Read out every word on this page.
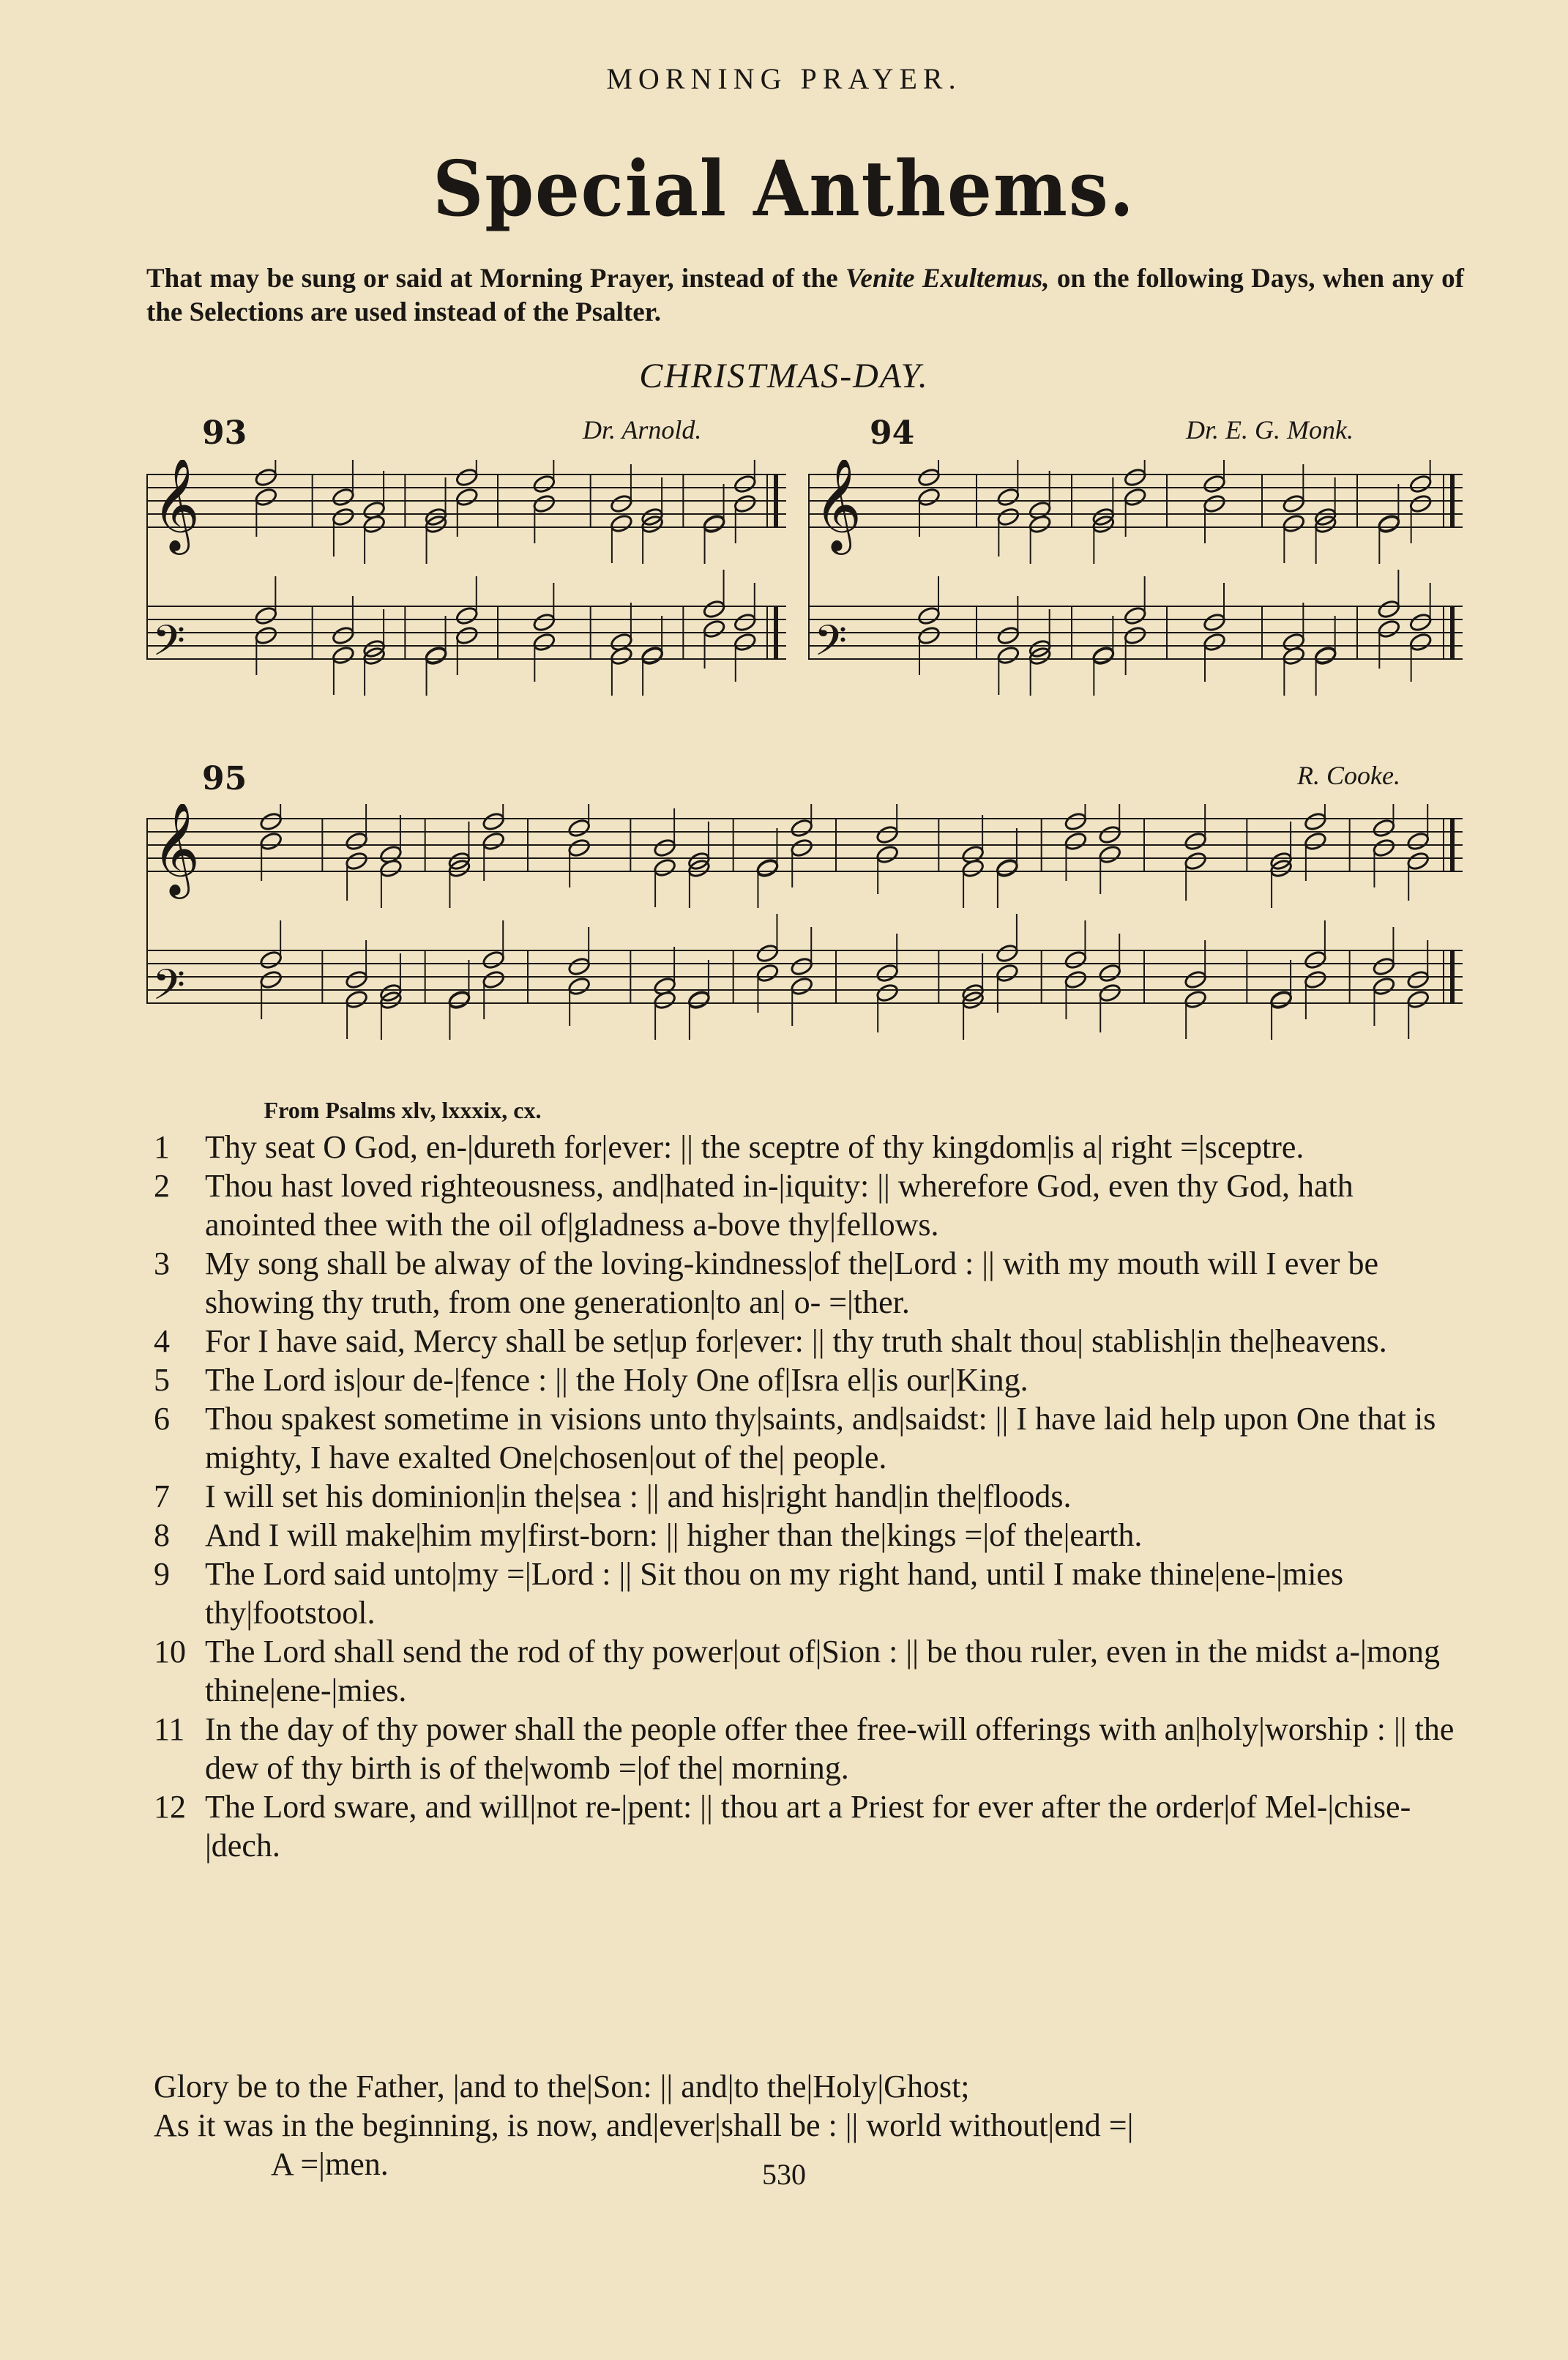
MORNING PRAYER.
Special Anthems.
That may be sung or said at Morning Prayer, instead of the Venite Exultemus, on the following Days, when any of the Selections are used instead of the Psalter.
CHRISTMAS-DAY.
93	Dr. Arnold.	94	Dr. E. G. Monk.
95	R. Cooke.
𝄞
𝄢
𝄞
𝄢
𝄞
𝄢
From Psalms xlv, lxxxix, cx.
1	Thy seat O God, en-|dureth for|ever: || the sceptre of thy kingdom|is a| right =|sceptre.
2	Thou hast loved righteousness, and|hated in-|iquity: || wherefore God, even thy God, hath anointed thee with the oil of|gladness a-bove thy|fellows.
3	My song shall be alway of the loving-kindness|of the|Lord : || with my mouth will I ever be showing thy truth, from one generation|to an| o- =|ther.
4	For I have said, Mercy shall be set|up for|ever: || thy truth shalt thou| stablish|in the|heavens.
5	The Lord is|our de-|fence : || the Holy One of|Isra el|is our|King.
6	Thou spakest sometime in visions unto thy|saints, and|saidst: || I have laid help upon One that is mighty, I have exalted One|chosen|out of the| people.
7	I will set his dominion|in the|sea : || and his|right hand|in the|floods.
8	And I will make|him my|first-born: || higher than the|kings =|of the|earth.
9	The Lord said unto|my =|Lord : || Sit thou on my right hand, until I make thine|ene-|mies thy|footstool.
10 The Lord shall send the rod of thy power|out of|Sion : || be thou ruler, even in the midst a-|mong thine|ene-|mies.
11 In the day of thy power shall the people offer thee free-will offerings with an|holy|worship : || the dew of thy birth is of the|womb =|of the| morning.
12 The Lord sware, and will|not re-|pent: || thou art a Priest for ever after the order|of Mel-|chise-|dech.
Glory be to the Father, |and to the|Son: || and|to the|Holy|Ghost;
As it was in the beginning, is now, and|ever|shall be : || world without|end =|
A =|men.	530
